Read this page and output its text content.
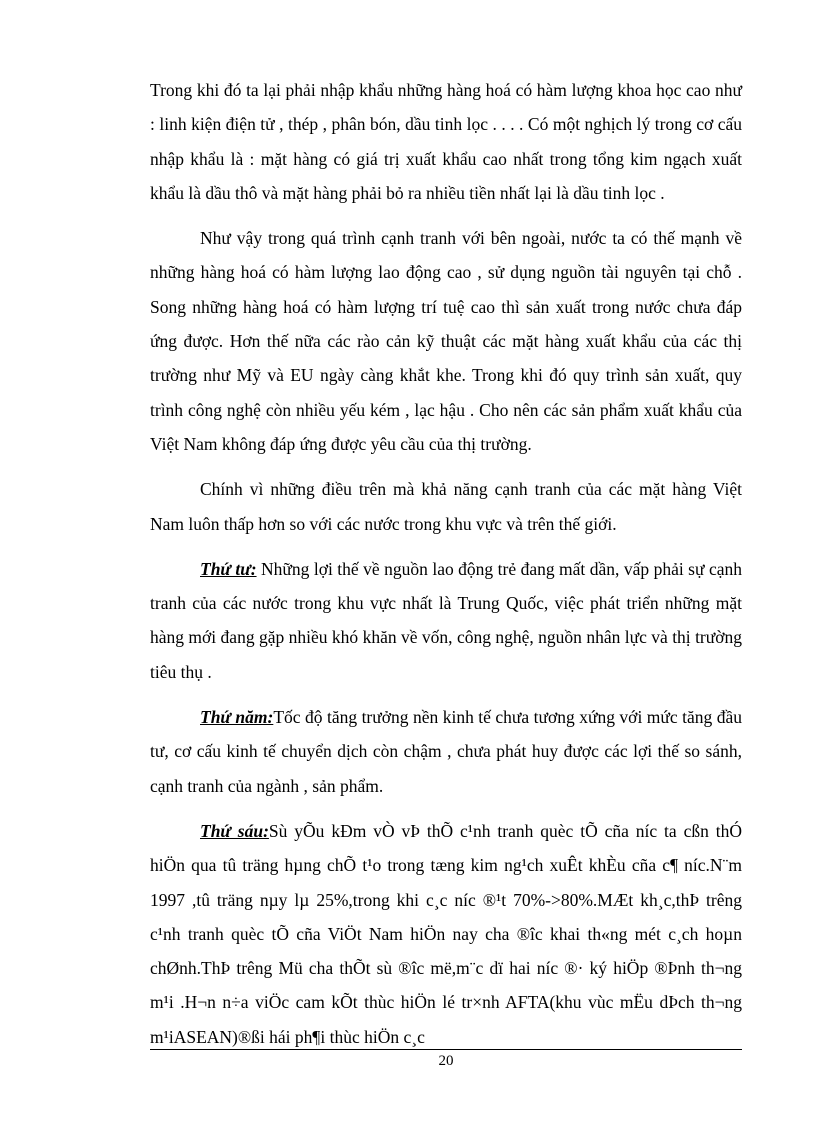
Trong khi đó ta lại phải nhập khẩu những hàng hoá có hàm lượng khoa học cao như : linh kiện điện tử , thép , phân bón, dầu tinh lọc . . . . Có một nghịch lý trong cơ cấu nhập khẩu là : mặt hàng có giá trị xuất khẩu cao nhất trong tổng kim ngạch xuất khẩu là dầu thô và mặt hàng phải bỏ ra nhiều tiền nhất lại là dầu tinh lọc .

Như vậy trong quá trình cạnh tranh với bên ngoài, nước ta có thế mạnh về những hàng hoá có hàm lượng lao động cao , sử dụng nguồn tài nguyên tại chỗ . Song những hàng hoá có hàm lượng trí tuệ cao thì sản xuất trong nước chưa đáp ứng được. Hơn thế nữa các rào cản kỹ thuật các mặt hàng xuất khẩu của các thị trường như Mỹ và EU ngày càng khắt khe. Trong khi đó quy trình sản xuất, quy trình công nghệ còn nhiều yếu kém , lạc hậu . Cho nên các sản phẩm xuất khẩu của Việt Nam không đáp ứng được yêu cầu của thị trường.

Chính vì những điều trên mà khả năng cạnh tranh của các mặt hàng Việt Nam luôn thấp hơn so với các nước trong khu vực và trên thế giới.

Thứ tư: Những lợi thế về nguồn lao động trẻ đang mất dần, vấp phải sự cạnh tranh của các nước trong khu vực nhất là Trung Quốc, việc phát triển những mặt hàng mới đang gặp nhiều khó khăn về vốn, công nghệ, nguồn nhân lực và thị trường tiêu thụ .

Thứ năm:Tốc độ tăng trưởng nền kinh tế chưa tương xứng với mức tăng đầu tư, cơ cấu kinh tế chuyển dịch còn chậm , chưa phát huy được các lợi thế so sánh, cạnh tranh của ngành , sản phẩm.

Thứ sáu:Sù yÕu kÐm vÒ vÞ thÕ c¹nh tranh quèc tÕ cña níc ta cßn thÓ hiÖn qua tû träng hµng chÕ t¹o trong tæng kim ng¹ch xuÊt khÈu cña c¶ níc.N¨m 1997 ,tû träng nµy lµ 25%,trong khi c¸c níc ®¹t 70%->80%.MÆt kh¸c,thÞ trêng c¹nh tranh quèc tÕ cña ViÖt Nam hiÖn nay cha ®îc khai th«ng mét c¸ch hoµn chØnh.ThÞ trêng Mü cha thÕt sù ®îc më,m¨c dï hai níc ®· ký hiÖp ®Þnh th¬ng m¹i .H¬n n÷a viÖc cam kÕt thùc hiÖn lé tr×nh AFTA(khu vùc mËu dÞch th¬ng m¹iASEAN)®ßi hái ph¶i thùc hiÖn c¸c

20
